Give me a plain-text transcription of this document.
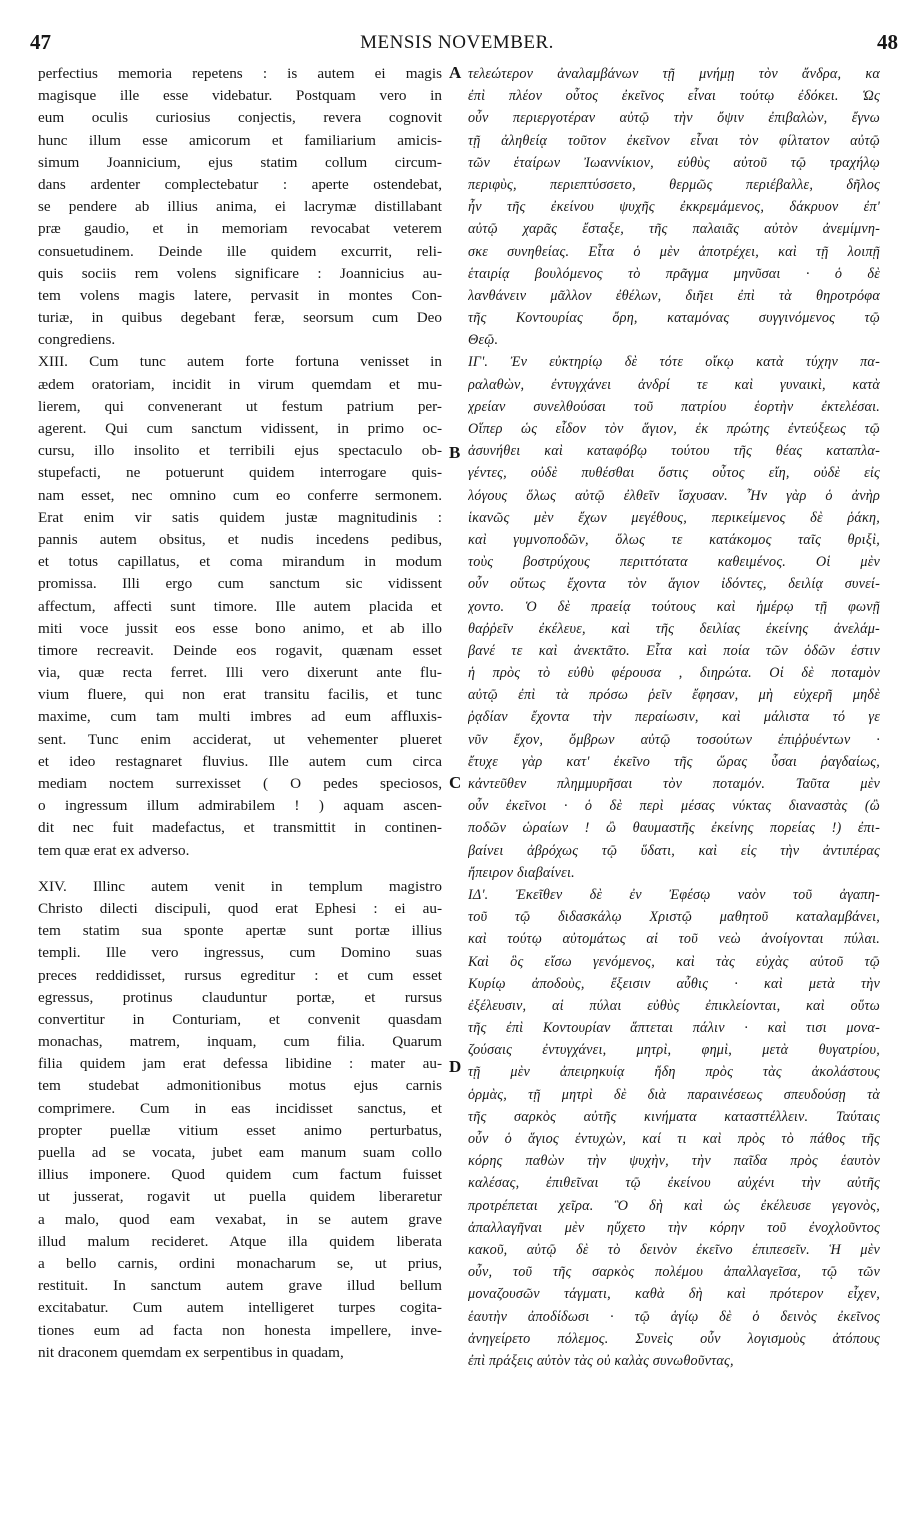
47	MENSIS NOVEMBER.	48
perfectius memoria repetens : is autem ei magis
magisque ille esse videbatur. Postquam vero in
eum oculis curiosius conjectis, revera cognovit
hunc illum esse amicorum et familiarium amicis-
simum Joannicium, ejus statim collum circum-
dans ardenter complectebatur : aperte ostendebat,
se pendere ab illius anima, ei lacrymæ distillabant
præ gaudio, et in memoriam revocabat veterem
consuetudinem. Deinde ille quidem excurrit, reli-
quis sociis rem volens significare : Joannicius au-
tem volens magis latere, pervasit in montes Con-
turiæ, in quibus degebant feræ, seorsum cum Deo
congrediens.
XIII. Cum tunc autem forte fortuna venisset in
ædem oratoriam, incidit in virum quemdam et mu-
lierem, qui convenerant ut festum patrium per-
agerent. Qui cum sanctum vidissent, in primo oc-
cursu, illo insolito et terribili ejus spectaculo ob-
stupefacti, ne potuerunt quidem interrogare quis-
nam esset, nec omnino cum eo conferre sermonem.
Erat enim vir satis quidem justæ magnitudinis :
pannis autem obsitus, et nudis incedens pedibus,
et totus capillatus, et coma mirandum in modum
promissa. Illi ergo cum sanctum sic vidissent
affectum, affecti sunt timore. Ille autem placida et
miti voce jussit eos esse bono animo, et ab illo
timore recreavit. Deinde eos rogavit, quænam esset
via, quæ recta ferret. Illi vero dixerunt ante flu-
vium fluere, qui non erat transitu facilis, et tunc
maxime, cum tam multi imbres ad eum affluxis-
sent. Tunc enim acciderat, ut vehementer plueret
et ideo restagnaret fluvius. Ille autem cum circa
mediam noctem surrexisset ( O pedes speciosos,
o ingressum illum admirabilem ! ) aquam ascen-
dit nec fuit madefactus, et transmittit in continen-
tem quæ erat ex adverso.
XIV. Illinc autem venit in templum magistro
Christo dilecti discipuli, quod erat Ephesi : ei au-
tem statim sua sponte apertæ sunt portæ illius
templi. Ille vero ingressus, cum Domino suas
preces reddidisset, rursus egreditur : et cum esset
egressus, protinus clauduntur portæ, et rursus
convertitur in Conturiam, et convenit quasdam
monachas, matrem, inquam, cum filia. Quarum
filia quidem jam erat defessa libidine : mater au-
tem studebat admonitionibus motus ejus carnis
comprimere. Cum in eas incidisset sanctus, et
propter puellæ vitium esset animo perturbatus,
puella ad se vocata, jubet eam manum suam collo
illius imponere. Quod quidem cum factum fuisset
ut jusserat, rogavit ut puella quidem liberaretur
a malo, quod eam vexabat, in se autem grave
illud malum recideret. Atque illa quidem liberata
a bello carnis, ordini monacharum se, ut prius,
restituit. In sanctum autem grave illud bellum
excitabatur. Cum autem intelligeret turpes cogita-
tiones eum ad facta non honesta impellere, inve-
nit draconem quemdam ex serpentibus in quadam,
τελεώτερον ἀναλαμβάνων τῇ μνήμῃ τὸν ἄνδρα, κα
ἐπὶ πλέον οὗτος ἐκεῖνος εἶναι τούτῳ ἐδόκει. Ὡς
οὖν περιεργοτέραν αὐτῷ τὴν ὄψιν ἐπιβαλὼν, ἔγνω
τῇ ἀληθείᾳ τοῦτον ἐκεῖνον εἶναι τὸν φίλτατον αὐτῷ
τῶν ἑταίρων Ἰωαννίκιον, εὐθὺς αὐτοῦ τῷ τραχήλῳ
περιφὺς, περιεπτύσσετο, θερμῶς περιέβαλλε, δῆλος
ἦν τῆς ἐκείνου ψυχῆς ἐκκρεμάμενος, δάκρυον ἐπ'
αὐτῷ χαρᾶς ἔσταξε, τῆς παλαιᾶς αὐτὸν ἀνεμίμνη-
σκε συνηθείας. Εἶτα ὁ μὲν ἀποτρέχει, καὶ τῇ λοιπῇ
ἑταιρίᾳ βουλόμενος τὸ πρᾶγμα μηνῦσαι · ὁ δὲ
λανθάνειν μᾶλλον ἐθέλων, διῆει ἐπὶ τὰ θηροτρόφα
τῆς Κοντουρίας ὄρη, καταμόνας συγγινόμενος τῷ
Θεῷ.
ΙΓʹ. Ἐν εὐκτηρίῳ δὲ τότε οἴκῳ κατὰ τύχην πα-
ραλαθὼν, ἐντυγχάνει ἀνδρί τε καὶ γυναικὶ, κατὰ
χρείαν συνελθούσαι τοῦ πατρίου ἑορτὴν ἐκτελέσαι.
Οἵπερ ὡς εἶδον τὸν ἅγιον, ἐκ πρώτης ἐντεύξεως τῷ
ἀσυνήθει καὶ καταφόβῳ τούτου τῆς θέας καταπλα-
γέντες, οὐδὲ πυθέσθαι ὅστις οὗτος εἴη, οὐδὲ εἰς
λόγους ὅλως αὐτῷ ἐλθεῖν ἴσχυσαν. Ἦν γὰρ ὁ ἀνὴρ
ἱκανῶς μὲν ἔχων μεγέθους, περικείμενος δὲ ῥάκη,
καὶ γυμνοποδῶν, ὅλως τε κατάκομος ταῖς θριξὶ,
τοὺς βοστρύχους περιττότατα καθειμένος. Οἱ μὲν
οὖν οὕτως ἔχοντα τὸν ἅγιον ἰδόντες, δειλίᾳ συνεί-
χοντο. Ὁ δὲ πραείᾳ τούτους καὶ ἡμέρῳ τῇ φωνῇ
θαῤῥεῖν ἐκέλευε, καὶ τῆς δειλίας ἐκείνης ἀνελάμ-
βανέ τε καὶ ἀνεκτᾶτο. Εἶτα καὶ ποία τῶν ὁδῶν ἐστιν
ἡ πρὸς τὸ εὐθὺ φέρουσα , διηρώτα. Οἱ δὲ ποταμὸν
αὐτῷ ἐπὶ τὰ πρόσω ῥεῖν ἔφησαν, μὴ εὐχερῆ μηδὲ
ῥᾳδίαν ἔχοντα τὴν περαίωσιν, καὶ μάλιστα τό γε
νῦν ἔχον, ὄμβρων αὐτῷ τοσούτων ἐπιῤῥυέντων ·
ἔτυχε γὰρ κατ' ἐκεῖνο τῆς ὥρας ὗσαι ῥαγδαίως,
κἀντεῦθεν πλημμυρῆσαι τὸν ποταμόν. Ταῦτα μὲν
οὖν ἐκεῖνοι · ὁ δὲ περὶ μέσας νύκτας διαναστὰς (ὢ
ποδῶν ὡραίων ! ὢ θαυμαστῆς ἐκείνης πορείας !) ἐπι-
βαίνει ἀβρόχως τῷ ὕδατι, καὶ εἰς τὴν ἀντιπέρας
ἤπειρον διαβαίνει.
ΙΔʹ. Ἐκεῖθεν δὲ ἐν Ἐφέσῳ ναὸν τοῦ ἀγαπη-
τοῦ τῷ διδασκάλῳ Χριστῷ μαθητοῦ καταλαμβάνει,
καὶ τούτῳ αὐτομάτως αἱ τοῦ νεὼ ἀνοίγονται πύλαι.
Καὶ ὃς εἴσω γενόμενος, καὶ τὰς εὐχὰς αὐτοῦ τῷ
Κυρίῳ ἀποδοὺς, ἔξεισιν αὖθις · καὶ μετὰ τὴν
ἐξέλευσιν, αἱ πύλαι εὐθὺς ἐπικλείονται, καὶ οὕτω
τῆς ἐπὶ Κοντουρίαν ἅπτεται πάλιν · καὶ τισι μονα-
ζούσαις ἐντυγχάνει, μητρὶ, φημὶ, μετὰ θυγατρίου,
τῇ μὲν ἀπειρηκυίᾳ ἤδη πρὸς τὰς ἀκολάστους
ὁρμὰς, τῇ μητρὶ δὲ διὰ παραινέσεως σπευδούσῃ τὰ
τῆς σαρκὸς αὐτῆς κινήματα κατασττέλλειν. Ταύταις
οὖν ὁ ἅγιος ἐντυχὼν, καί τι καὶ πρὸς τὸ πάθος τῆς
κόρης παθὼν τὴν ψυχὴν, τὴν παῖδα πρὸς ἑαυτὸν
καλέσας, ἐπιθεῖναι τῷ ἐκείνου αὐχένι τὴν αὐτῆς
προτρέπεται χεῖρα. Ὃ δὴ καὶ ὡς ἐκέλευσε γεγονὸς,
ἀπαλλαγῆναι μὲν ηὔχετο τὴν κόρην τοῦ ἐνοχλοῦντος
κακοῦ, αὐτῷ δὲ τὸ δεινὸν ἐκεῖνο ἐπιπεσεῖν. Ἡ μὲν
οὖν, τοῦ τῆς σαρκὸς πολέμου ἀπαλλαγεῖσα, τῷ τῶν
μοναζουσῶν τάγματι, καθὰ δὴ καὶ πρότερον εἶχεν,
ἑαυτὴν ἀποδίδωσι · τῷ ἁγίῳ δὲ ὁ δεινὸς ἐκεῖνος
ἀνηγείρετο πόλεμος. Συνεὶς οὖν λογισμοὺς ἀτόπους
ἐπὶ πράξεις αὐτὸν τὰς οὐ καλὰς συνωθοῦντας,
A
B
C
D
